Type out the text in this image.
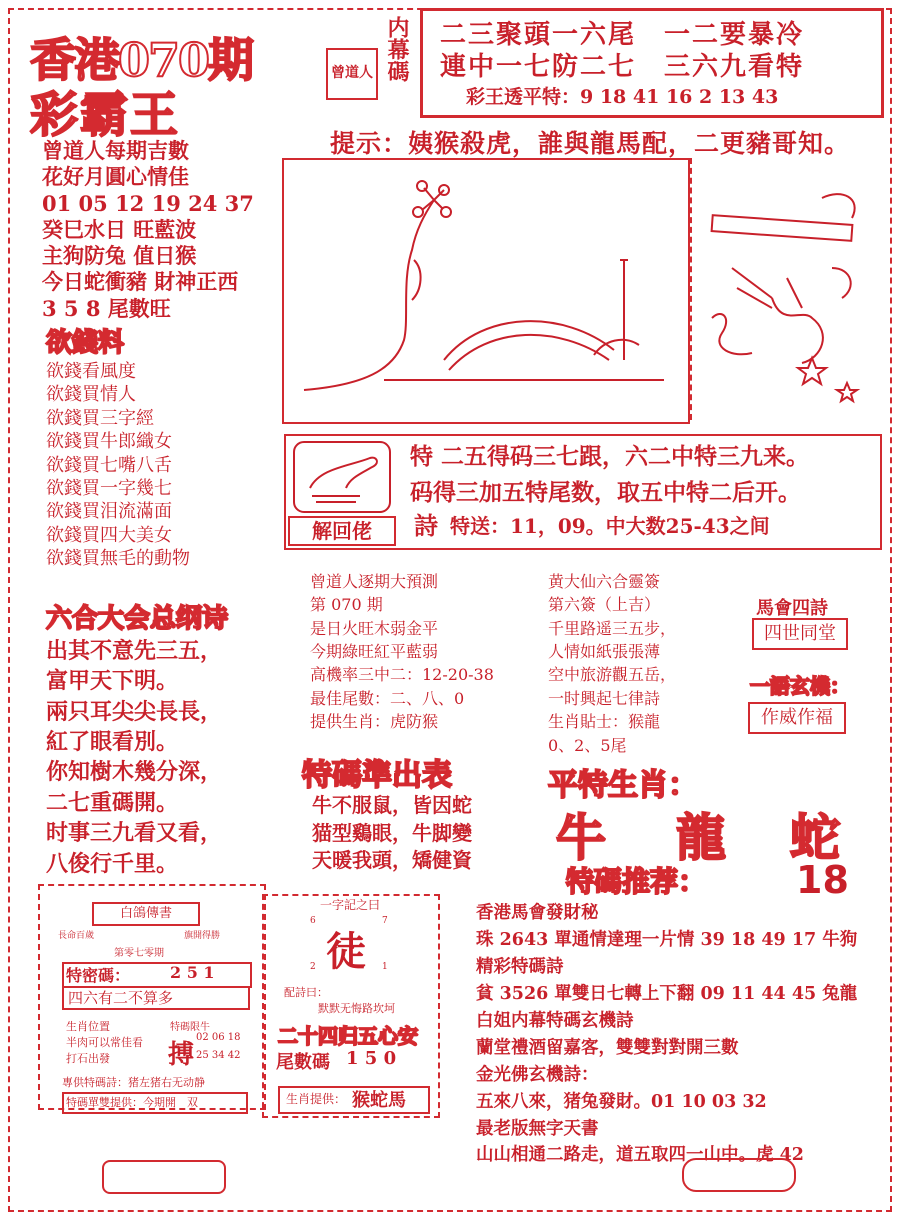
香港070期
彩霸王
曾道人 内幕碼 二三聚頭一六尾　一二要暴冷
連中一七防二七　三六九看特
彩王透平特：9 18 41 16 2 13 43
提示：姨猴殺虎，誰與龍馬配，二更豬哥知。
曾道人每期吉數
花好月圓心情佳
01 05 12 19 24 37
癸巳水日 旺藍波
主狗防兔 值日猴
今日蛇衝豬 財神正西
3 5 8 尾數旺
欲錢料
欲錢看風度
欲錢買情人
欲錢買三字經
欲錢買牛郎織女
欲錢買七嘴八舌
欲錢買一字幾七
欲錢買泪流滿面
欲錢買四大美女
欲錢買無毛的動物
解回佬	詩
特 二五得码三七跟，六二中特三九来。
码得三加五特尾数，取五中特二后开。
特送：11，09。中大数25-43之间
六合大会总纲诗
出其不意先三五，
富甲天下明。
兩只耳尖尖長長，
紅了眼看別。
你知樹木幾分深，
二七重碼開。
时事三九看又看，
八俊行千里。
曾道人逐期大預測
第 070 期
是日火旺木弱金平
今期綠旺紅平藍弱
高機率三中二：12-20-38
最佳尾數：二、八、0
提供生肖：虎防猴
黄大仙六合靈簽
第六簽（上吉）
千里路遥三五步，
人情如紙張張薄
空中旅游觀五岳，
一时興起七律詩
生肖貼士：猴龍
0、2、5尾
馬會四詩
四世同堂
一語玄機：
作威作福
特碼準出表
牛不服鼠，皆因蛇
猫型鷄眼，牛脚變
天暖我頭，矯健資
平特生肖：
牛 龍 蛇
特碼推荐： 18
白鴿傳書
長命百歲	旗開得勝
第零七零期
特密碼： 2 5 1
四六有二不算多
生肖位置
半肉可以常佳看
打石出發
特碼限牛
搏
02 06 18
25 34 42
專供特碼詩：猪左猪右无动静
特碼單雙提供：今期開　双
一字記之曰
6	7
徒
2	1
配詩曰：
默默无悔路坎坷
二十四归五心安
尾數碼 1 5 0
生肖提供： 猴蛇馬
香港馬會發財秘
珠 2643 單通情達理一片情 39 18 49 17 牛狗
精彩特碼詩
貧 3526 單雙日七轉上下翻 09 11 44 45 兔龍
白姐内幕特碼玄機詩
蘭堂禮酒留嘉客，雙雙對對開三數
金光佛玄機詩：
五來八來，猪兔發財。01 10 03 32
最老版無字天書
山山相通二路走，道五取四一山中。虎 42
